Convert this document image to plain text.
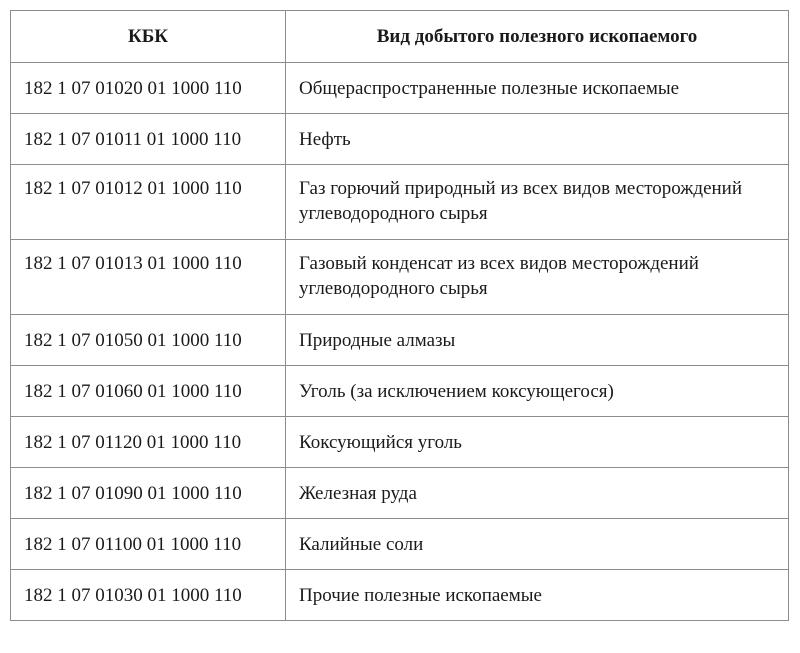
КБК	Вид добытого полезного ископаемого
182 1 07 01020 01 1000 110	Общераспространенные полезные ископаемые
182 1 07 01011 01 1000 110	Нефть
182 1 07 01012 01 1000 110	Газ горючий природный из всех видов месторождений углеводородного сырья
182 1 07 01013 01 1000 110	Газовый конденсат из всех видов месторождений углеводородного сырья
182 1 07 01050 01 1000 110	Природные алмазы
182 1 07 01060 01 1000 110	Уголь (за исключением коксующегося)
182 1 07 01120 01 1000 110	Коксующийся уголь
182 1 07 01090 01 1000 110	Железная руда
182 1 07 01100 01 1000 110	Калийные соли
182 1 07 01030 01 1000 110	Прочие полезные ископаемые
